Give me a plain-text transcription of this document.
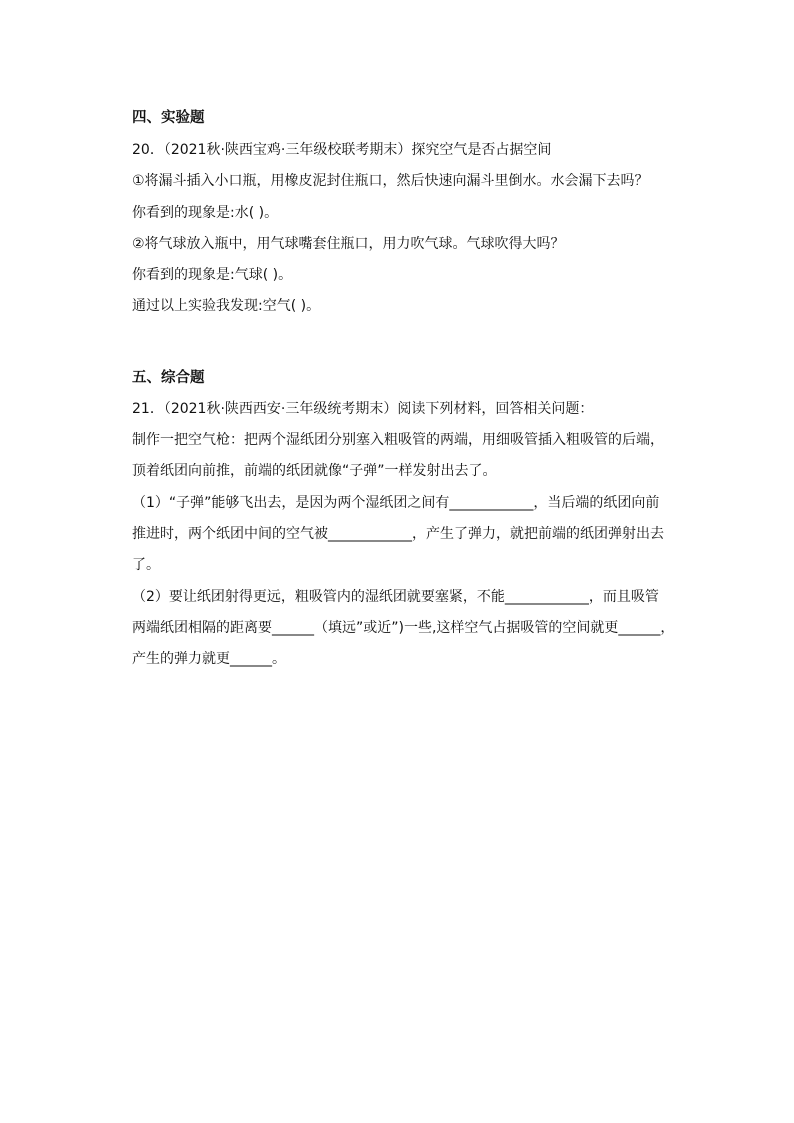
四、实验题
20．（2021秋·陕西宝鸡·三年级校联考期末）探究空气是否占据空间
①将漏斗插入小口瓶，用橡皮泥封住瓶口，然后快速向漏斗里倒水。水会漏下去吗？
你看到的现象是:水( )。
②将气球放入瓶中，用气球嘴套住瓶口，用力吹气球。气球吹得大吗？
你看到的现象是:气球( )。
通过以上实验我发现:空气( )。
五、综合题
21．（2021秋·陕西西安·三年级统考期末）阅读下列材料，回答相关问题：
制作一把空气枪：把两个湿纸团分别塞入粗吸管的两端，用细吸管插入粗吸管的后端，
顶着纸团向前推，前端的纸团就像“子弹”一样发射出去了。
（1）“子弹”能够飞出去，是因为两个湿纸团之间有____________，当后端的纸团向前
推进时，两个纸团中间的空气被____________，产生了弹力，就把前端的纸团弹射出去
了。
（2）要让纸团射得更远，粗吸管内的湿纸团就要塞紧，不能____________，而且吸管
两端纸团相隔的距离要______（填远”或近”)一些,这样空气占据吸管的空间就更______，
产生的弹力就更______。
